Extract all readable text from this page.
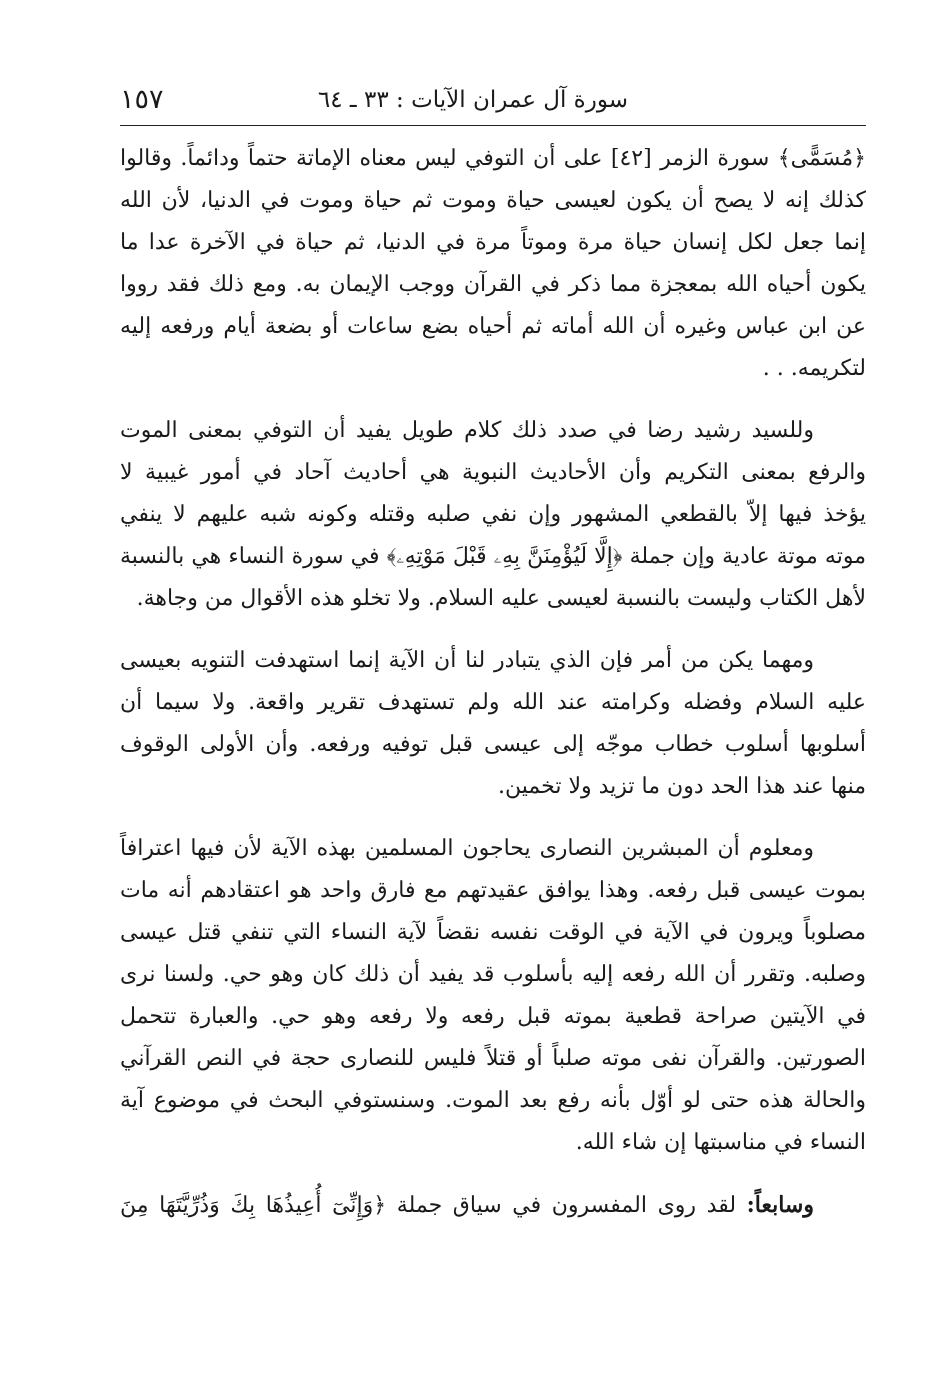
سورة آل عمران الآيات : ٣٣ ـ ٦٤
١٥٧
﴿مُسَمًّى﴾ سورة الزمر [٤٢] على أن التوفي ليس معناه الإماتة حتماً ودائماً. وقالوا
كذلك إنه لا يصح أن يكون لعيسى حياة وموت ثم حياة وموت في الدنيا، لأن الله
إنما جعل لكل إنسان حياة مرة وموتاً مرة في الدنيا، ثم حياة في الآخرة عدا ما
يكون أحياه الله بمعجزة مما ذكر في القرآن ووجب الإيمان به. ومع ذلك فقد رووا
عن ابن عباس وغيره أن الله أماته ثم أحياه بضع ساعات أو بضعة أيام ورفعه إليه
لتكريمه. . .
وللسيد رشيد رضا في صدد ذلك كلام طويل يفيد أن التوفي بمعنى الموت
والرفع بمعنى التكريم وأن الأحاديث النبوية هي أحاديث آحاد في أمور غيبية لا
يؤخذ فيها إلاّ بالقطعي المشهور وإن نفي صلبه وقتله وكونه شبه عليهم لا ينفي
موته موتة عادية وإن جملة ﴿إِلَّا لَيُؤْمِنَنَّ بِهِۦ قَبْلَ مَوْتِهِۦ﴾ في سورة النساء هي بالنسبة
لأهل الكتاب وليست بالنسبة لعيسى عليه السلام. ولا تخلو هذه الأقوال من وجاهة.
ومهما يكن من أمر فإن الذي يتبادر لنا أن الآية إنما استهدفت التنويه بعيسى
عليه السلام وفضله وكرامته عند الله ولم تستهدف تقرير واقعة. ولا سيما أن
أسلوبها أسلوب خطاب موجّه إلى عيسى قبل توفيه ورفعه. وأن الأولى الوقوف
منها عند هذا الحد دون ما تزيد ولا تخمين.
ومعلوم أن المبشرين النصارى يحاجون المسلمين بهذه الآية لأن فيها اعترافاً
بموت عيسى قبل رفعه. وهذا يوافق عقيدتهم مع فارق واحد هو اعتقادهم أنه مات
مصلوباً ويرون في الآية في الوقت نفسه نقضاً لآية النساء التي تنفي قتل عيسى
وصلبه. وتقرر أن الله رفعه إليه بأسلوب قد يفيد أن ذلك كان وهو حي. ولسنا نرى
في الآيتين صراحة قطعية بموته قبل رفعه ولا رفعه وهو حي. والعبارة تتحمل
الصورتين. والقرآن نفى موته صلباً أو قتلاً فليس للنصارى حجة في النص القرآني
والحالة هذه حتى لو أوّل بأنه رفع بعد الموت. وسنستوفي البحث في موضوع آية
النساء في مناسبتها إن شاء الله.
وسابعاً: لقد روى المفسرون في سياق جملة ﴿وَإِنِّىٓ أُعِيذُهَا بِكَ وَذُرِّيَّتَهَا مِنَ
